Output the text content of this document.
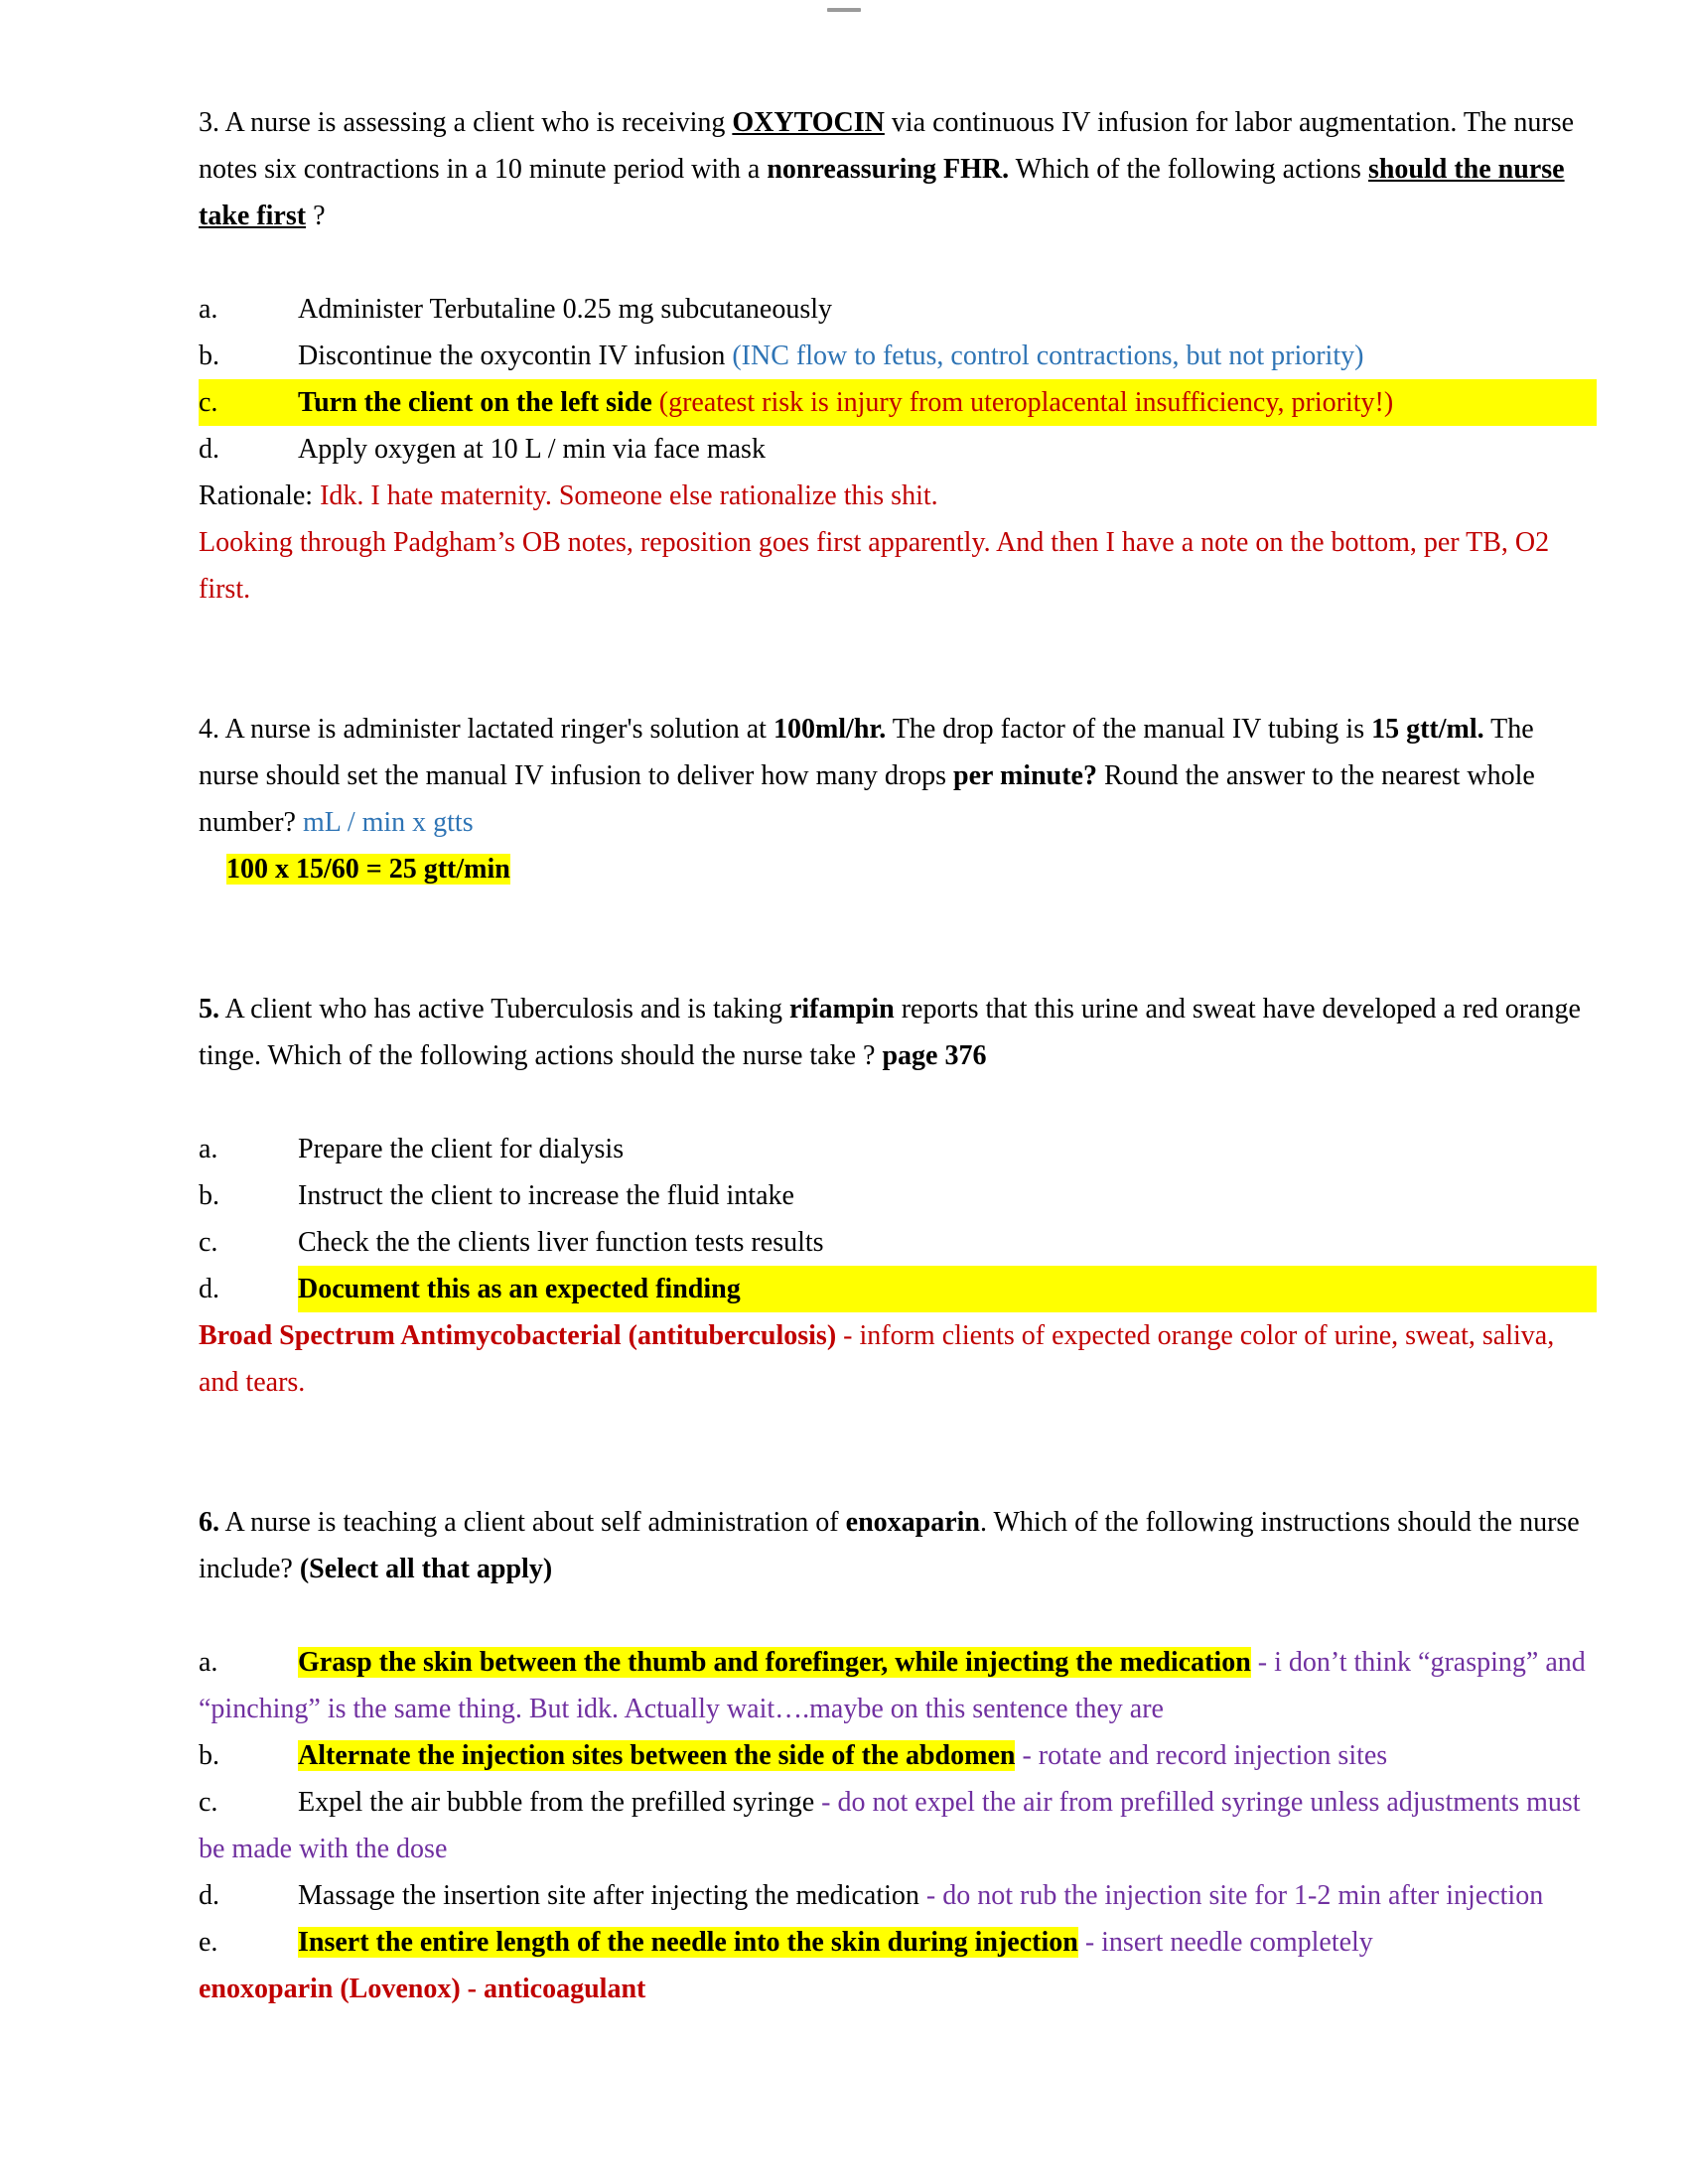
3. A nurse is assessing a client who is receiving OXYTOCIN via continuous IV infusion for labor augmentation. The nurse notes six contractions in a 10 minute period with a nonreassuring FHR. Which of the following actions should the nurse take first ?

a.	Administer Terbutaline 0.25 mg subcutaneously

b.	Discontinue the oxycontin IV infusion (INC flow to fetus, control contractions, but not priority)

c.	Turn the client on the left side (greatest risk is injury from uteroplacental insufficiency, priority!)

d.	Apply oxygen at 10 L / min via face mask

Rationale: Idk. I hate maternity. Someone else rationalize this shit.

Looking through Padgham’s OB notes, reposition goes first apparently. And then I have a note on the bottom, per TB, O2 first.

4. A nurse is administer lactated ringer's solution at 100ml/hr. The drop factor of the manual IV tubing is 15 gtt/ml. The nurse should set the manual IV infusion to deliver how many drops per minute? Round the answer to the nearest whole number? mL / min x gtts

100 x 15/60 = 25 gtt/min

5. A client who has active Tuberculosis and is taking rifampin reports that this urine and sweat have developed a red orange tinge. Which of the following actions should the nurse take ? page 376

a.	Prepare the client for dialysis

b.	Instruct the client to increase the fluid intake

c.	Check the the clients liver function tests results

d.	Document this as an expected finding

Broad Spectrum Antimycobacterial (antituberculosis) - inform clients of expected orange color of urine, sweat, saliva, and tears.

6. A nurse is teaching a client about self administration of enoxaparin. Which of the following instructions should the nurse include? (Select all that apply)

a.	Grasp the skin between the thumb and forefinger, while injecting the medication - i don’t think “grasping” and “pinching” is the same thing. But idk. Actually wait….maybe on this sentence they are

b.	Alternate the injection sites between the side of the abdomen - rotate and record injection sites

c.	Expel the air bubble from the prefilled syringe - do not expel the air from prefilled syringe unless adjustments must be made with the dose

d.	Massage the insertion site after injecting the medication - do not rub the injection site for 1-2 min after injection

e.	Insert the entire length of the needle into the skin during injection - insert needle completely

enoxoparin (Lovenox) - anticoagulant
